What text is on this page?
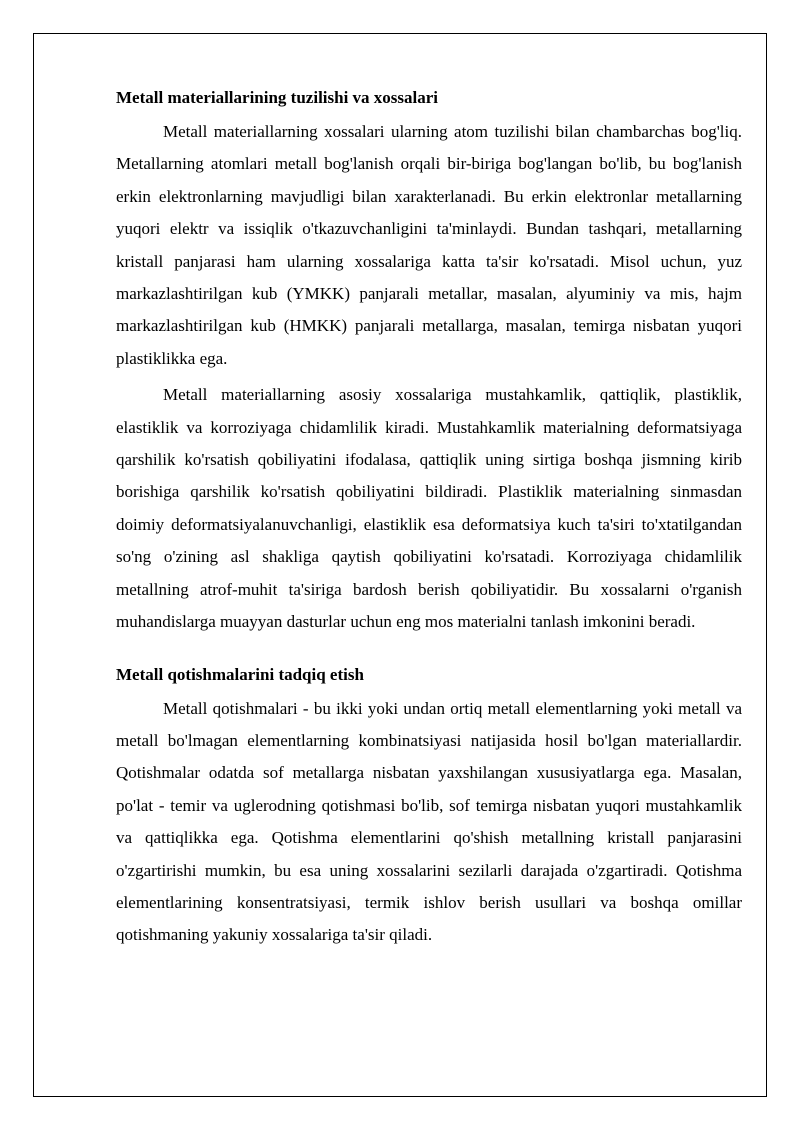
Metall materiallarining tuzilishi va xossalari

Metall materiallarning xossalari ularning atom tuzilishi bilan chambarchas bog'liq. Metallarning atomlari metall bog'lanish orqali bir-biriga bog'langan bo'lib, bu bog'lanish erkin elektronlarning mavjudligi bilan xarakterlanadi. Bu erkin elektronlar metallarning yuqori elektr va issiqlik o'tkazuvchanligini ta'minlaydi. Bundan tashqari, metallarning kristall panjarasi ham ularning xossalariga katta ta'sir ko'rsatadi. Misol uchun, yuz markazlashtirilgan kub (YMKK) panjarali metallar, masalan, alyuminiy va mis, hajm markazlashtirilgan kub (HMKK) panjarali metallarga, masalan, temirga nisbatan yuqori plastiklikka ega.

Metall materiallarning asosiy xossalariga mustahkamlik, qattiqlik, plastiklik, elastiklik va korroziyaga chidamlilik kiradi. Mustahkamlik materialning deformatsiyaga qarshilik ko'rsatish qobiliyatini ifodalasa, qattiqlik uning sirtiga boshqa jismning kirib borishiga qarshilik ko'rsatish qobiliyatini bildiradi. Plastiklik materialning sinmasdan doimiy deformatsiyalanuvchanligi, elastiklik esa deformatsiya kuch ta'siri to'xtatilgandan so'ng o'zining asl shakliga qaytish qobiliyatini ko'rsatadi. Korroziyaga chidamlilik metallning atrof-muhit ta'siriga bardosh berish qobiliyatidir. Bu xossalarni o'rganish muhandislarga muayyan dasturlar uchun eng mos materialni tanlash imkonini beradi.

Metall qotishmalarini tadqiq etish

Metall qotishmalari - bu ikki yoki undan ortiq metall elementlarning yoki metall va metall bo'lmagan elementlarning kombinatsiyasi natijasida hosil bo'lgan materiallardir. Qotishmalar odatda sof metallarga nisbatan yaxshilangan xususiyatlarga ega. Masalan, po'lat - temir va uglerodning qotishmasi bo'lib, sof temirga nisbatan yuqori mustahkamlik va qattiqlikka ega. Qotishma elementlarini qo'shish metallning kristall panjarasini o'zgartirishi mumkin, bu esa uning xossalarini sezilarli darajada o'zgartiradi. Qotishma elementlarining konsentratsiyasi, termik ishlov berish usullari va boshqa omillar qotishmaning yakuniy xossalariga ta'sir qiladi.
